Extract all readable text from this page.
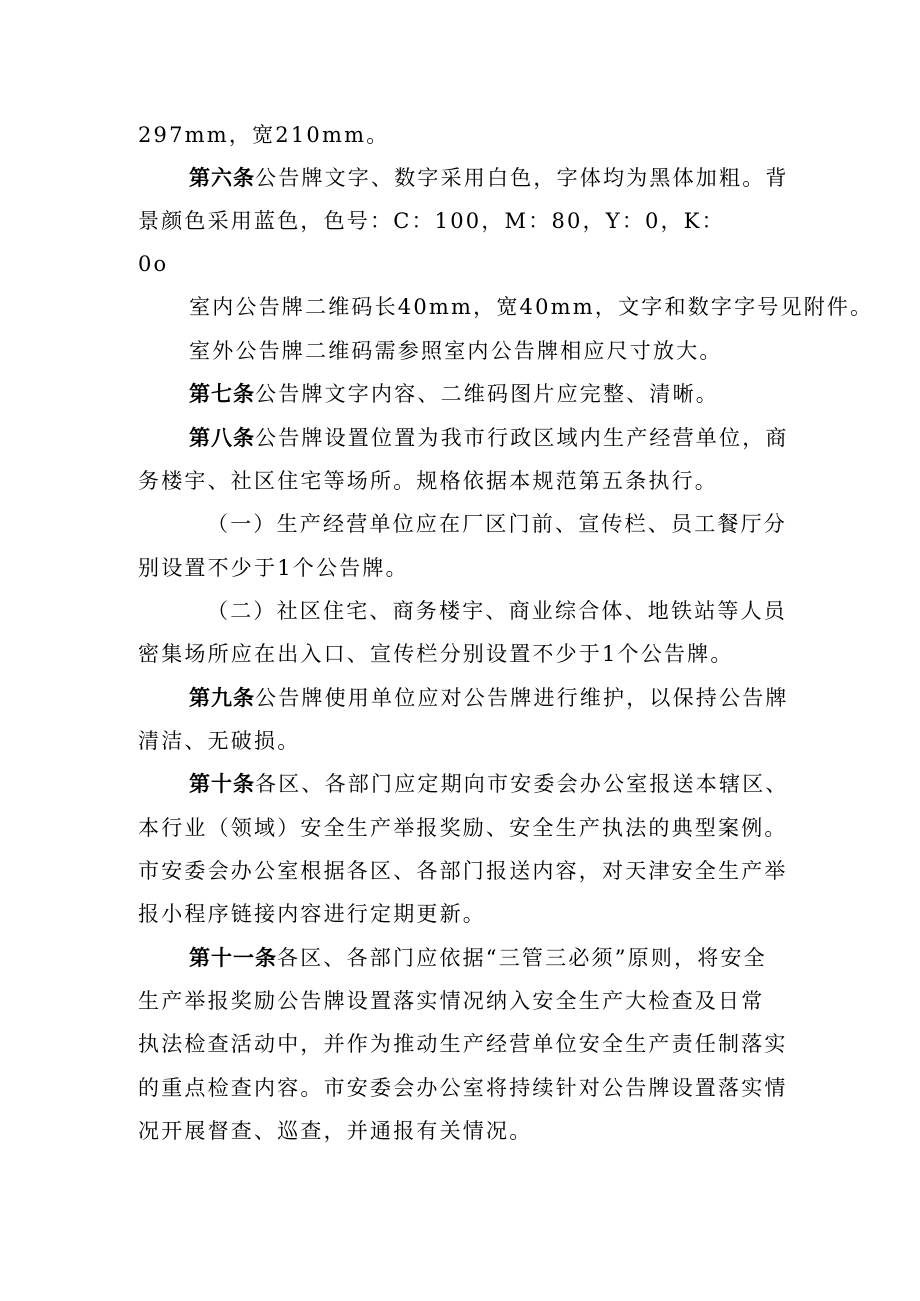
297mm，宽210mm。
第六条公告牌文字、数字采用白色，字体均为黑体加粗。背
景颜色采用蓝色，色号：C：100，M：80，Y：0，K：
0o
室内公告牌二维码长40mm，宽40mm，文字和数字字号见附件。
室外公告牌二维码需参照室内公告牌相应尺寸放大。
第七条公告牌文字内容、二维码图片应完整、清晰。
第八条公告牌设置位置为我市行政区域内生产经营单位，商
务楼宇、社区住宅等场所。规格依据本规范第五条执行。
（一）生产经营单位应在厂区门前、宣传栏、员工餐厅分
别设置不少于1个公告牌。
（二）社区住宅、商务楼宇、商业综合体、地铁站等人员
密集场所应在出入口、宣传栏分别设置不少于1个公告牌。
第九条公告牌使用单位应对公告牌进行维护，以保持公告牌
清洁、无破损。
第十条各区、各部门应定期向市安委会办公室报送本辖区、
本行业（领域）安全生产举报奖励、安全生产执法的典型案例。
市安委会办公室根据各区、各部门报送内容，对天津安全生产举
报小程序链接内容进行定期更新。
第十一条各区、各部门应依据“三管三必须”原则，将安全
生产举报奖励公告牌设置落实情况纳入安全生产大检查及日常
执法检查活动中，并作为推动生产经营单位安全生产责任制落实
的重点检查内容。市安委会办公室将持续针对公告牌设置落实情
况开展督查、巡查，并通报有关情况。
